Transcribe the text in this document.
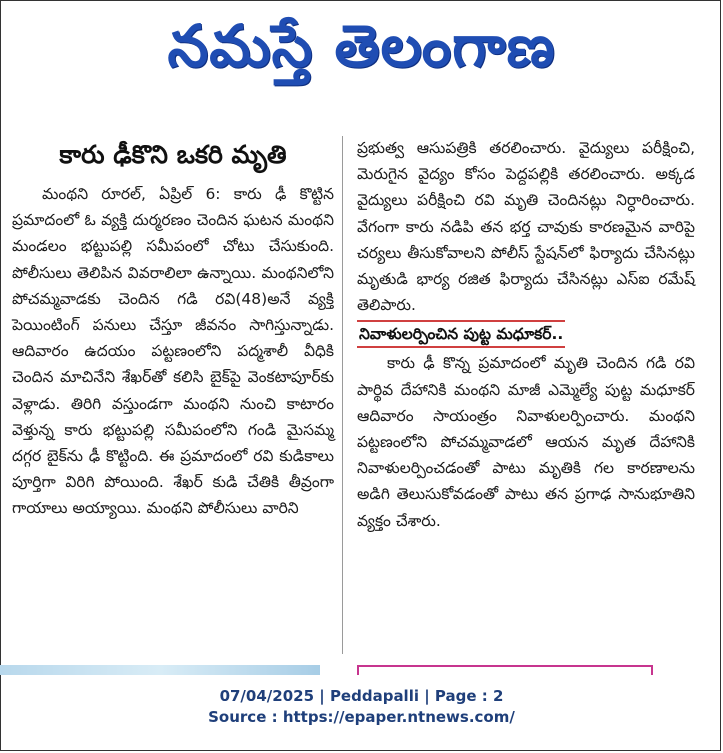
నమస్తే తెలంగాణ
కారు ఢీకొని ఒకరి మృతి

మంథని రూరల్, ఏప్రిల్ 6: కారు ఢీ కొట్టిన ప్రమాదంలో ఓ వ్యక్తి దుర్మరణం చెందిన ఘటన మంథని మండలం భట్టుపల్లి సమీపంలో చోటు చేసుకుంది. పోలీసులు తెలిపిన వివరాలిలా ఉన్నాయి. మంథనిలోని పోచమ్మవాడకు చెందిన గడి రవి(48)అనే వ్యక్తి పెయింటింగ్ పనులు చేస్తూ జీవనం సాగిస్తున్నాడు. ఆదివారం ఉదయం పట్టణంలోని పద్మశాలీ వీధికి చెందిన మాచినేని శేఖర్‌తో కలిసి బైక్‌పై వెంకటాపూర్‌కు వెళ్లాడు. తిరిగి వస్తుండగా మంథని నుంచి కాటారం వెళ్తున్న కారు భట్టుపల్లి సమీపంలోని గండి మైసమ్మ దగ్గర బైక్‌ను ఢీ కొట్టింది. ఈ ప్రమాదంలో రవి కుడికాలు పూర్తిగా విరిగి పోయింది. శేఖర్ కుడి చేతికి తీవ్రంగా గాయాలు అయ్యాయి. మంథని పోలీసులు వారిని

ప్రభుత్వ ఆసుపత్రికి తరలించారు. వైద్యులు పరీక్షించి, మెరుగైన వైద్యం కోసం పెద్దపల్లికి తరలించారు. అక్కడ వైద్యులు పరీక్షించి రవి మృతి చెందినట్లు నిర్ధారించారు. వేగంగా కారు నడిపి తన భర్త చావుకు కారణమైన వారిపై చర్యలు తీసుకోవాలని పోలీస్ స్టేషన్‌లో ఫిర్యాదు చేసినట్లు మృతుడి భార్య రజిత ఫిర్యాదు చేసినట్లు ఎస్ఐ రమేష్ తెలిపారు.

నివాళులర్పించిన పుట్ట మధూకర్..

కారు ఢీ కొన్న ప్రమాదంలో మృతి చెందిన గడి రవి పార్థివ దేహానికి మంథని మాజీ ఎమ్మెల్యే పుట్ట మధూకర్ ఆదివారం సాయంత్రం నివాళులర్పించారు. మంథని పట్టణంలోని పోచమ్మవాడలో ఆయన మృత దేహానికి నివాళులర్పించడంతో పాటు మృతికి గల కారణాలను అడిగి తెలుసుకోవడంతో పాటు తన ప్రగాఢ సానుభూతిని వ్యక్తం చేశారు.

07/04/2025 | Peddapalli | Page : 2
Source : https://epaper.ntnews.com/
